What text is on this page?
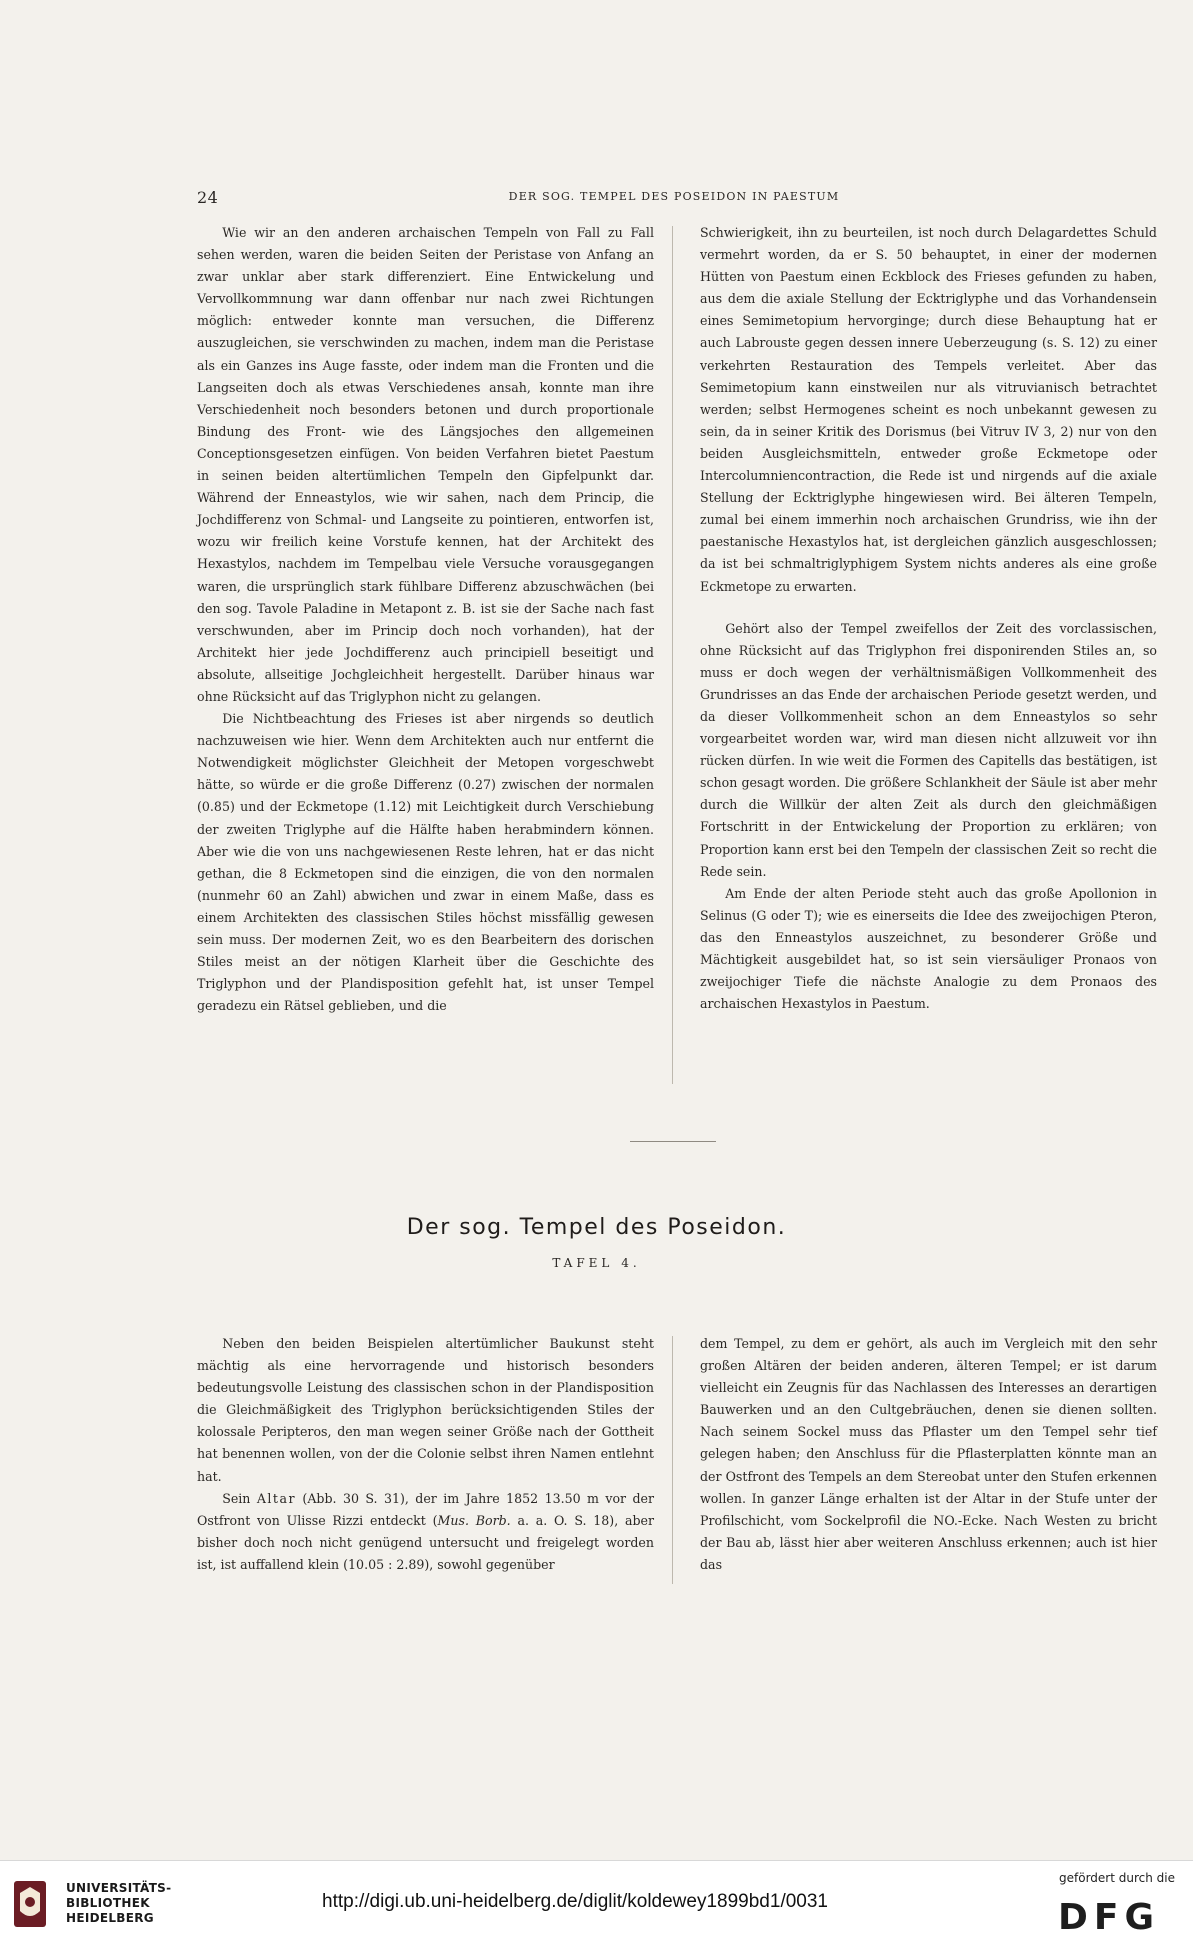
24	DER SOG. TEMPEL DES POSEIDON IN PAESTUM

Wie wir an den anderen archaischen Tempeln von Fall zu Fall sehen werden, waren die beiden Seiten der Peristase von Anfang an zwar unklar aber stark differenziert. Eine Entwickelung und Vervollkommnung war dann offenbar nur nach zwei Richtungen möglich: entweder konnte man versuchen, die Differenz auszugleichen, sie verschwinden zu machen, indem man die Peristase als ein Ganzes ins Auge fasste, oder indem man die Fronten und die Langseiten doch als etwas Verschiedenes ansah, konnte man ihre Verschiedenheit noch besonders betonen und durch proportionale Bindung des Front- wie des Längsjoches den allgemeinen Conceptionsgesetzen einfügen. Von beiden Verfahren bietet Paestum in seinen beiden altertümlichen Tempeln den Gipfelpunkt dar. Während der Enneastylos, wie wir sahen, nach dem Princip, die Jochdifferenz von Schmal- und Langseite zu pointieren, entworfen ist, wozu wir freilich keine Vorstufe kennen, hat der Architekt des Hexastylos, nachdem im Tempelbau viele Versuche vorausgegangen waren, die ursprünglich stark fühlbare Differenz abzuschwächen (bei den sog. Tavole Paladine in Metapont z. B. ist sie der Sache nach fast verschwunden, aber im Princip doch noch vorhanden), hat der Architekt hier jede Jochdifferenz auch principiell beseitigt und absolute, allseitige Jochgleichheit hergestellt. Darüber hinaus war ohne Rücksicht auf das Triglyphon nicht zu gelangen.

Die Nichtbeachtung des Frieses ist aber nirgends so deutlich nachzuweisen wie hier. Wenn dem Architekten auch nur entfernt die Notwendigkeit möglichster Gleichheit der Metopen vorgeschwebt hätte, so würde er die große Differenz (0.27) zwischen der normalen (0.85) und der Eckmetope (1.12) mit Leichtigkeit durch Verschiebung der zweiten Triglyphe auf die Hälfte haben herabmindern können. Aber wie die von uns nachgewiesenen Reste lehren, hat er das nicht gethan, die 8 Eckmetopen sind die einzigen, die von den normalen (nunmehr 60 an Zahl) abwichen und zwar in einem Maße, dass es einem Architekten des classischen Stiles höchst missfällig gewesen sein muss. Der modernen Zeit, wo es den Bearbeitern des dorischen Stiles meist an der nötigen Klarheit über die Geschichte des Triglyphon und der Plandisposition gefehlt hat, ist unser Tempel geradezu ein Rätsel geblieben, und die

Schwierigkeit, ihn zu beurteilen, ist noch durch Delagardettes Schuld vermehrt worden, da er S. 50 behauptet, in einer der modernen Hütten von Paestum einen Eckblock des Frieses gefunden zu haben, aus dem die axiale Stellung der Ecktriglyphe und das Vorhandensein eines Semimetopium hervorginge; durch diese Behauptung hat er auch Labrouste gegen dessen innere Ueberzeugung (s. S. 12) zu einer verkehrten Restauration des Tempels verleitet. Aber das Semimetopium kann einstweilen nur als vitruvianisch betrachtet werden; selbst Hermogenes scheint es noch unbekannt gewesen zu sein, da in seiner Kritik des Dorismus (bei Vitruv IV 3, 2) nur von den beiden Ausgleichsmitteln, entweder große Eckmetope oder Intercolumniencontraction, die Rede ist und nirgends auf die axiale Stellung der Ecktriglyphe hingewiesen wird. Bei älteren Tempeln, zumal bei einem immerhin noch archaischen Grundriss, wie ihn der paestanische Hexastylos hat, ist dergleichen gänzlich ausgeschlossen; da ist bei schmaltriglyphigem System nichts anderes als eine große Eckmetope zu erwarten.

Gehört also der Tempel zweifellos der Zeit des vorclassischen, ohne Rücksicht auf das Triglyphon frei disponirenden Stiles an, so muss er doch wegen der verhältnismäßigen Vollkommenheit des Grundrisses an das Ende der archaischen Periode gesetzt werden, und da dieser Vollkommenheit schon an dem Enneastylos so sehr vorgearbeitet worden war, wird man diesen nicht allzuweit vor ihn rücken dürfen. In wie weit die Formen des Capitells das bestätigen, ist schon gesagt worden. Die größere Schlankheit der Säule ist aber mehr durch die Willkür der alten Zeit als durch den gleichmäßigen Fortschritt in der Entwickelung der Proportion zu erklären; von Proportion kann erst bei den Tempeln der classischen Zeit so recht die Rede sein.

Am Ende der alten Periode steht auch das große Apollonion in Selinus (G oder T); wie es einerseits die Idee des zweijochigen Pteron, das den Enneastylos auszeichnet, zu besonderer Größe und Mächtigkeit ausgebildet hat, so ist sein viersäuliger Pronaos von zweijochiger Tiefe die nächste Analogie zu dem Pronaos des archaischen Hexastylos in Paestum.

Der sog. Tempel des Poseidon.
TAFEL 4.

Neben den beiden Beispielen altertümlicher Baukunst steht mächtig als eine hervorragende und historisch besonders bedeutungsvolle Leistung des classischen schon in der Plandisposition die Gleichmäßigkeit des Triglyphon berücksichtigenden Stiles der kolossale Peripteros, den man wegen seiner Größe nach der Gottheit hat benennen wollen, von der die Colonie selbst ihren Namen entlehnt hat.

Sein Altar (Abb. 30 S. 31), der im Jahre 1852 13.50 m vor der Ostfront von Ulisse Rizzi entdeckt (Mus. Borb. a. a. O. S. 18), aber bisher doch noch nicht genügend untersucht und freigelegt worden ist, ist auffallend klein (10.05 : 2.89), sowohl gegenüber

dem Tempel, zu dem er gehört, als auch im Vergleich mit den sehr großen Altären der beiden anderen, älteren Tempel; er ist darum vielleicht ein Zeugnis für das Nachlassen des Interesses an derartigen Bauwerken und an den Cultgebräuchen, denen sie dienen sollten. Nach seinem Sockel muss das Pflaster um den Tempel sehr tief gelegen haben; den Anschluss für die Pflasterplatten könnte man an der Ostfront des Tempels an dem Stereobat unter den Stufen erkennen wollen. In ganzer Länge erhalten ist der Altar in der Stufe unter der Profilschicht, vom Sockelprofil die NO.-Ecke. Nach Westen zu bricht der Bau ab, lässt hier aber weiteren Anschluss erkennen; auch ist hier das

UNIVERSITÄTS-
BIBLIOTHEK
HEIDELBERG
http://digi.ub.uni-heidelberg.de/diglit/koldewey1899bd1/0031
gefördert durch die
DFG
